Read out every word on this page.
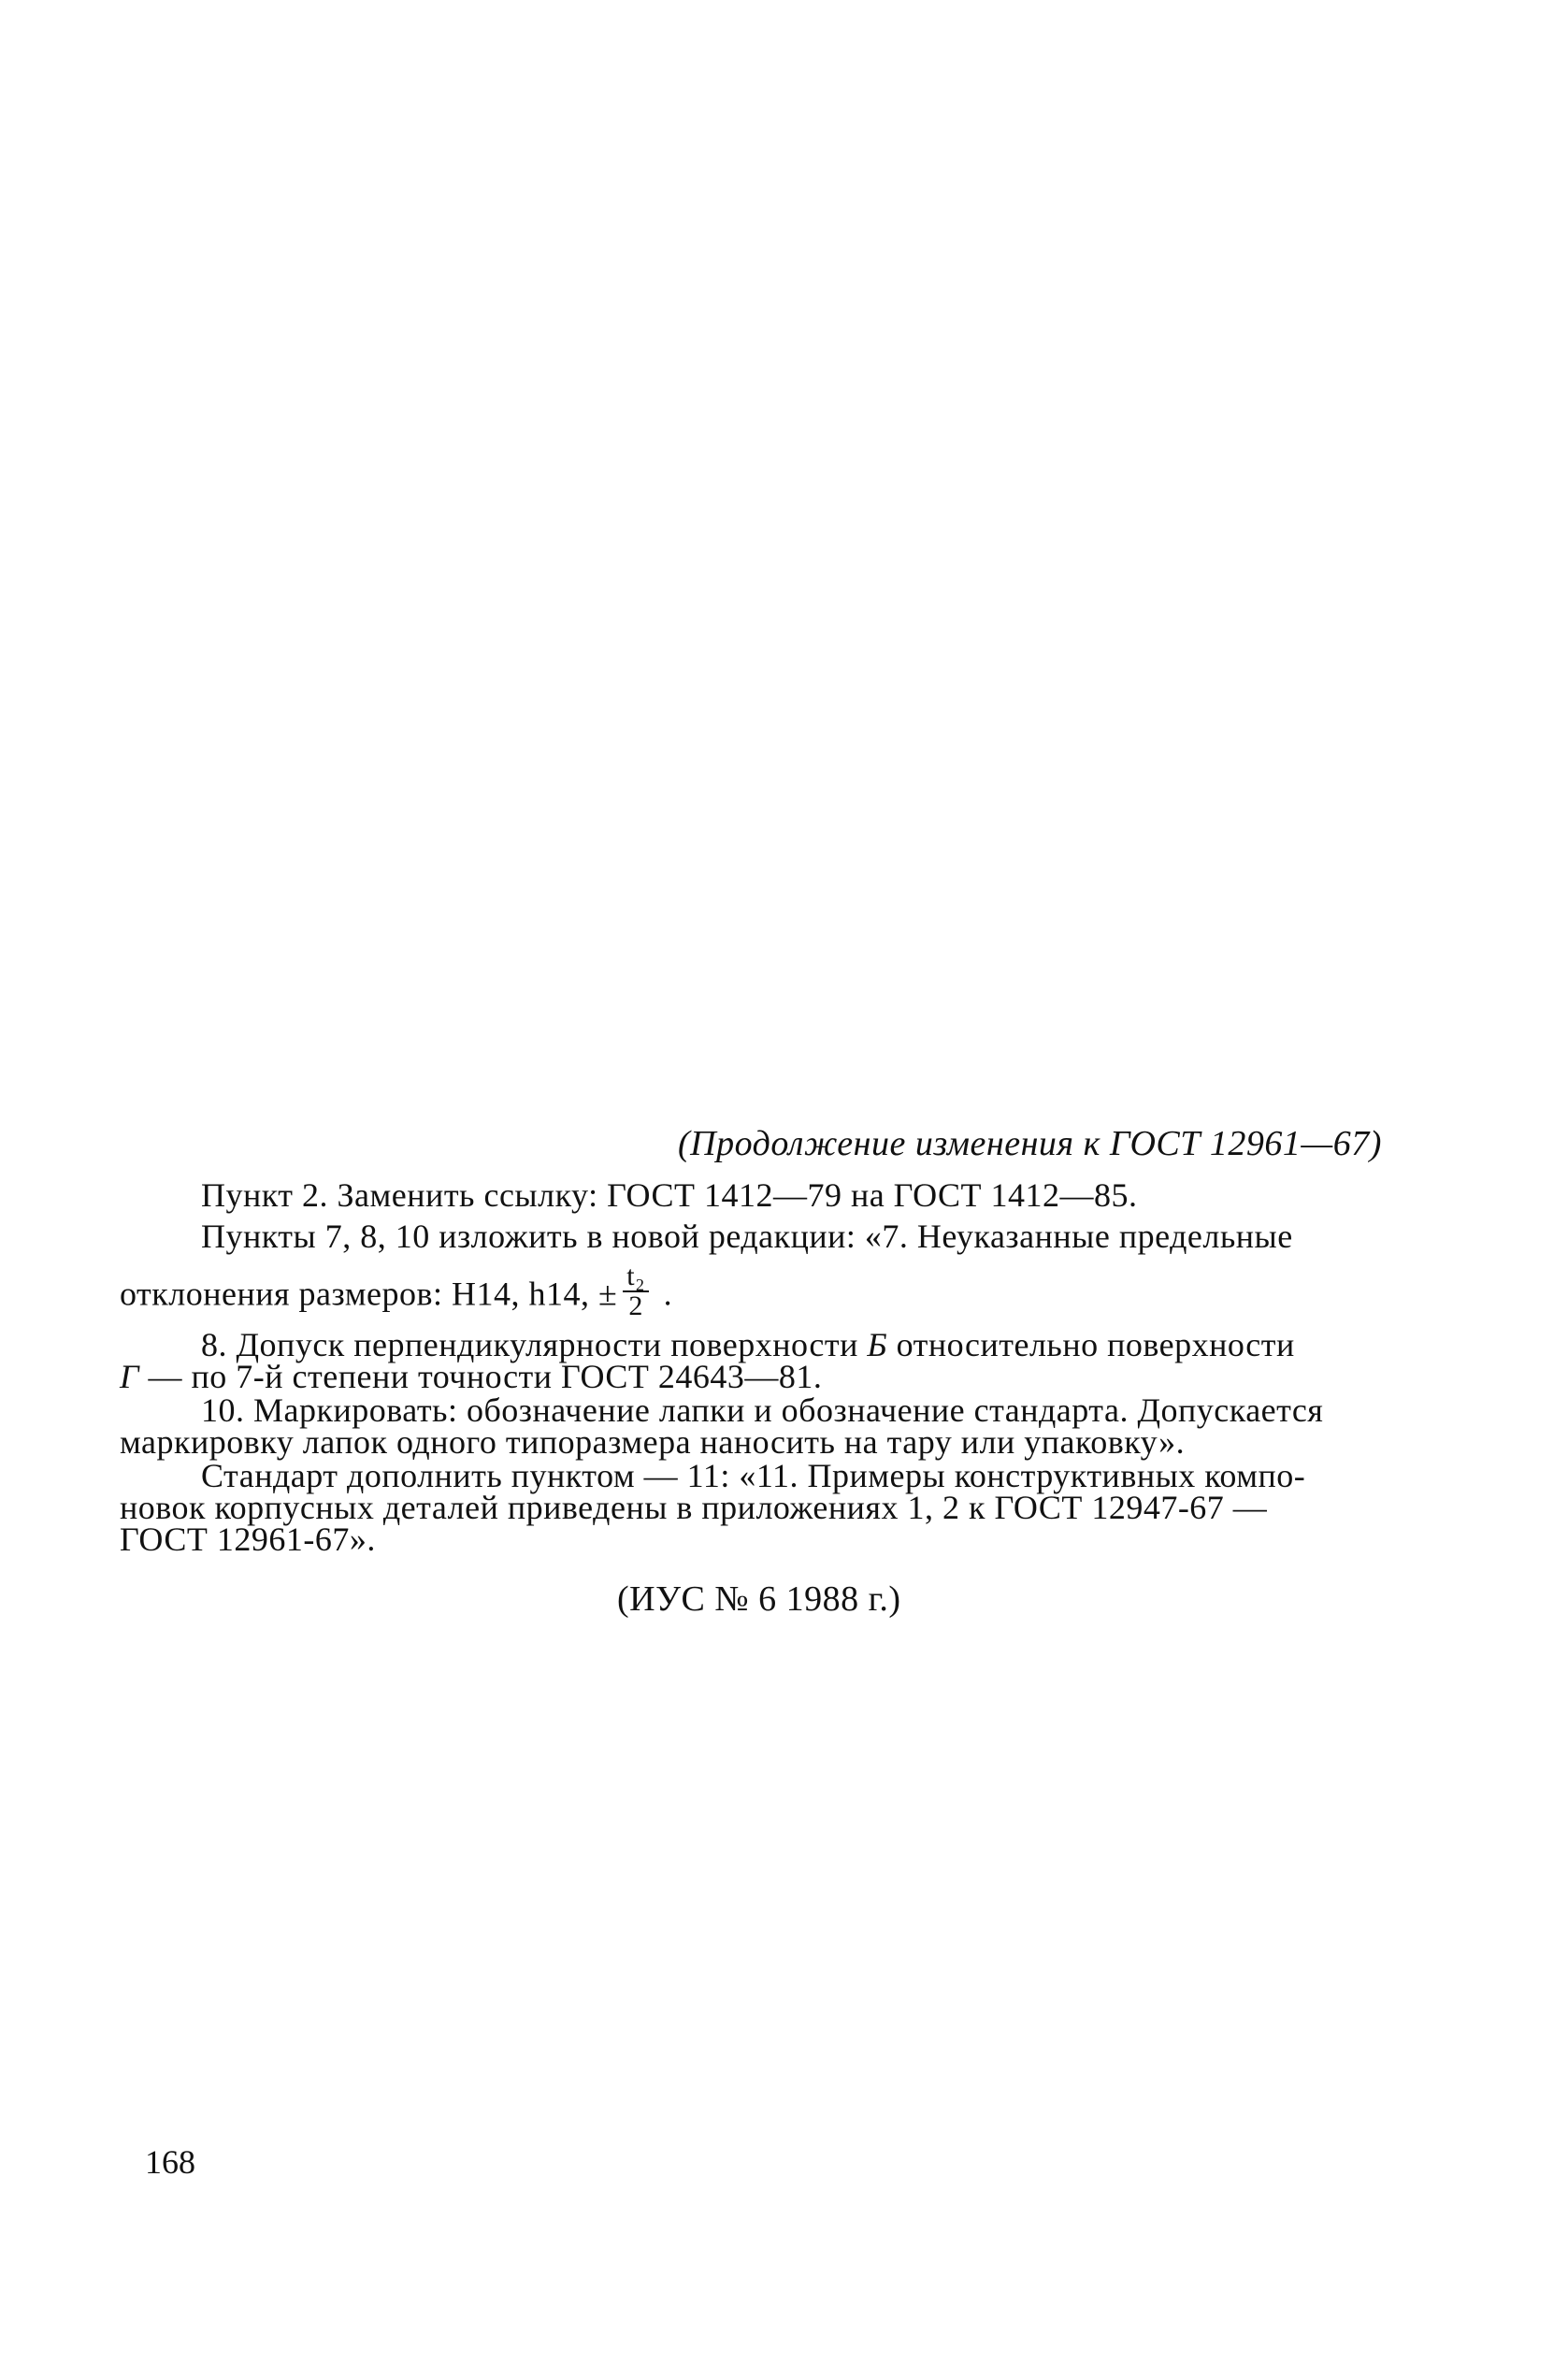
(Продолжение изменения к ГОСТ 12961—67)
Пункт 2. Заменить ссылку: ГОСТ 1412—79 на ГОСТ 1412—85.
Пункты 7, 8, 10 изложить в новой редакции: «7. Неуказанные предельные
отклонения размеров: H14, h14, ± $\frac{\text{t₂}}{2}$ .
8. Допуск перпендикулярности поверхности Б относительно поверхности
Г — по 7-й степени точности ГОСТ 24643—81.
10. Маркировать: обозначение лапки и обозначение стандарта. Допускается
маркировку лапок одного типоразмера наносить на тару или упаковку».
Стандарт дополнить пунктом — 11: «11. Примеры конструктивных компо-
новок корпусных деталей приведены в приложениях 1, 2 к ГОСТ 12947-67 —
ГОСТ 12961-67».
(ИУС № 6 1988 г.)
168
